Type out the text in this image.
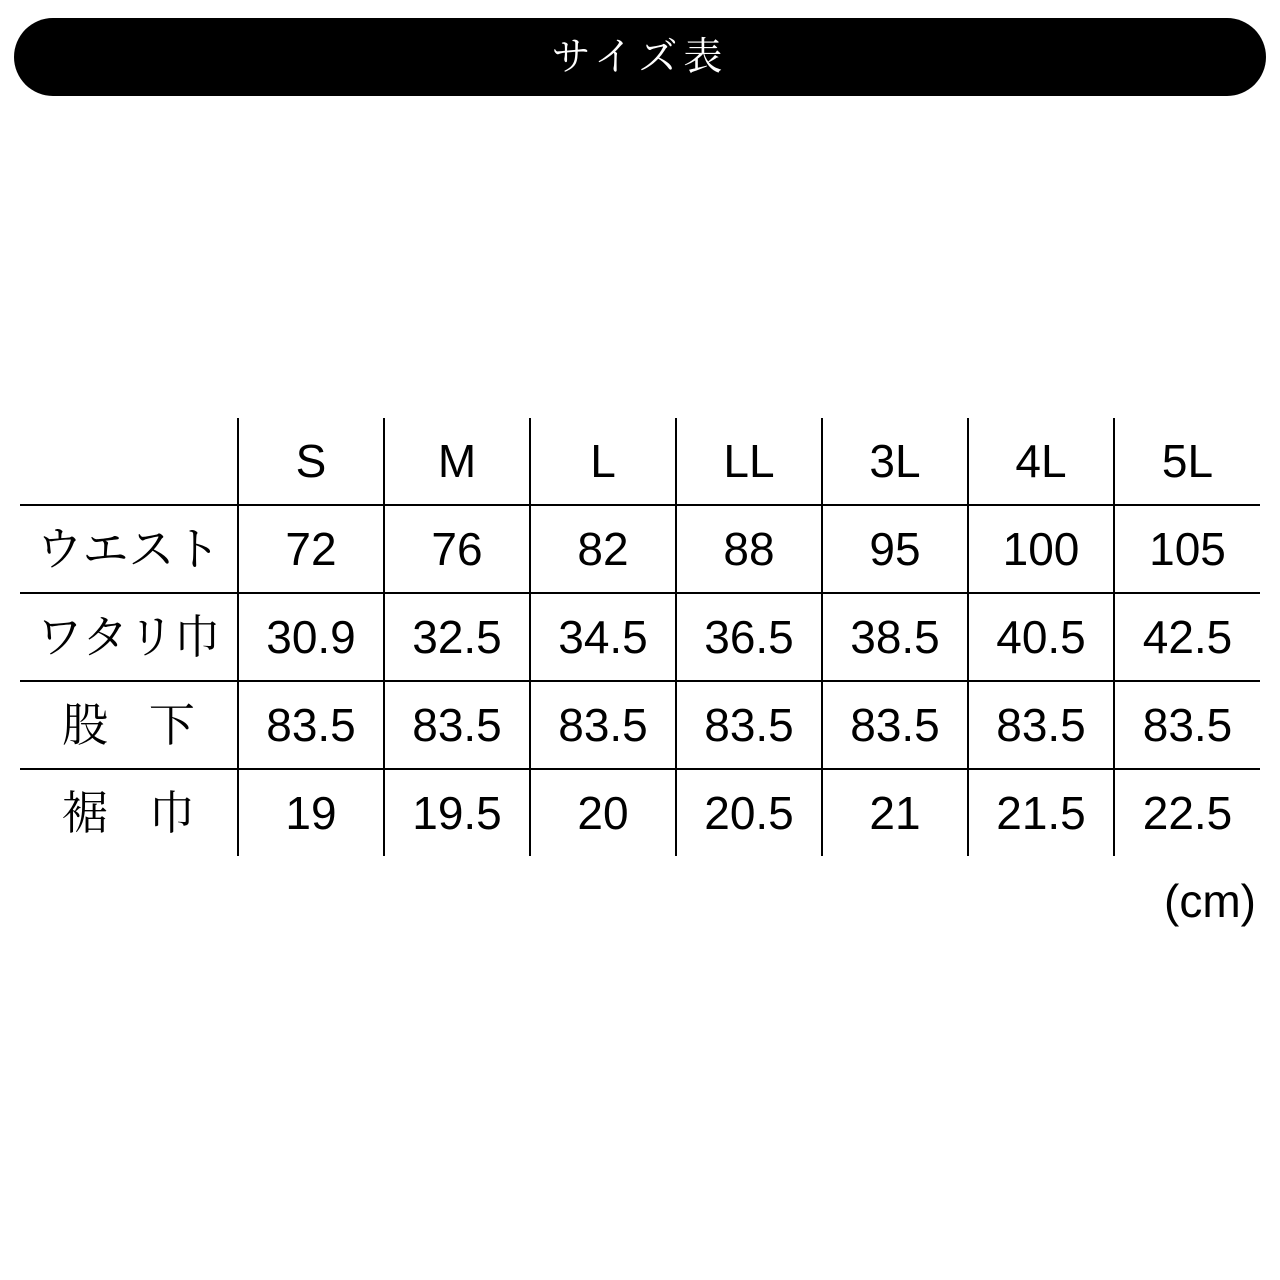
サイズ表
	S	M	L	LL	3L	4L	5L
ウエスト	72	76	82	88	95	100	105
ワタリ巾	30.9	32.5	34.5	36.5	38.5	40.5	42.5
股 下	83.5	83.5	83.5	83.5	83.5	83.5	83.5
裾 巾	19	19.5	20	20.5	21	21.5	22.5
(cm)
